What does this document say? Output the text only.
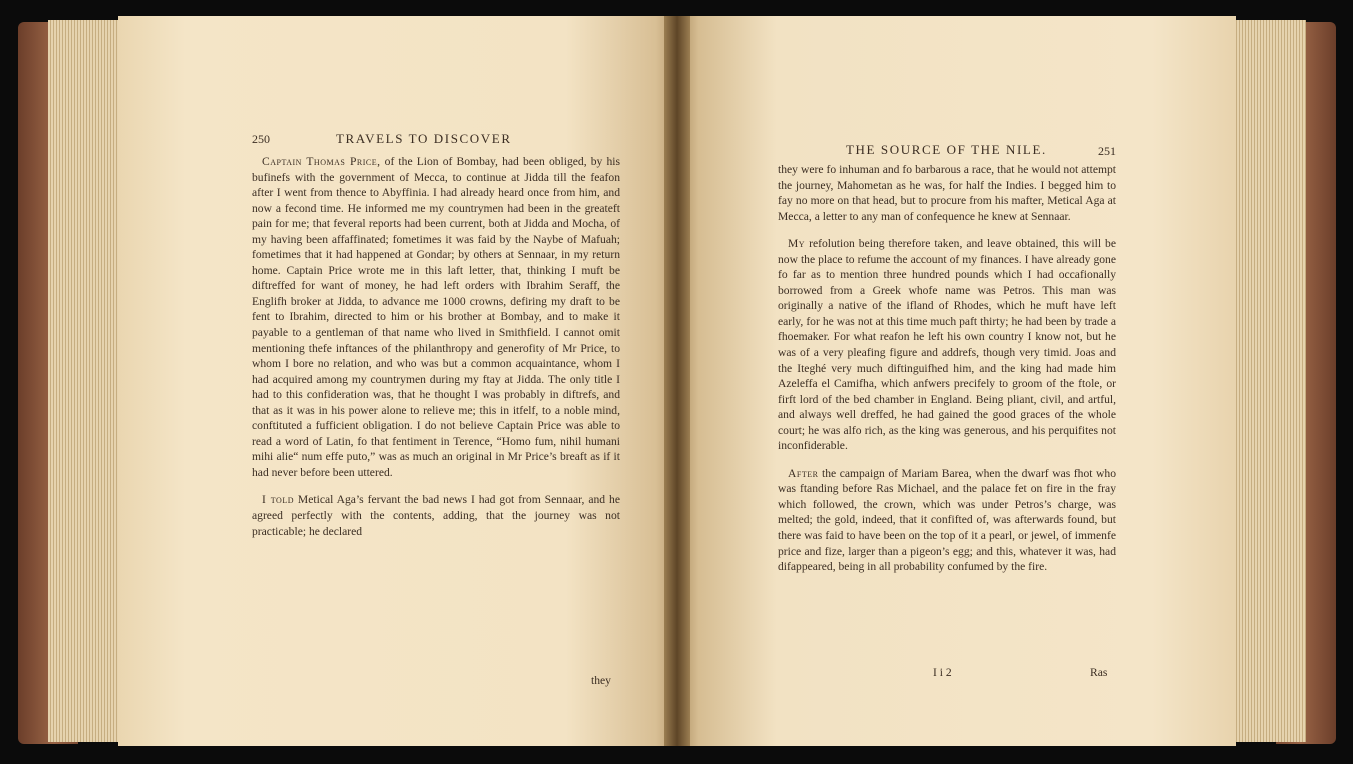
250	TRAVELS TO DISCOVER

Captain Thomas Price, of the Lion of Bombay, had been obliged, by his bufinefs with the government of Mecca, to continue at Jidda till the feafon after I went from thence to Abyffinia. I had already heard once from him, and now a fecond time. He informed me my countrymen had been in the greateft pain for me; that feveral reports had been current, both at Jidda and Mocha, of my having been affaffinated; fometimes it was faid by the Naybe of Mafuah; fometimes that it had happened at Gondar; by others at Sennaar, in my return home. Captain Price wrote me in this laft letter, that, thinking I muft be diftreffed for want of money, he had left orders with Ibrahim Seraff, the Englifh broker at Jidda, to advance me 1000 crowns, defiring my draft to be fent to Ibrahim, directed to him or his brother at Bombay, and to make it payable to a gentleman of that name who lived in Smithfield. I cannot omit mentioning thefe inftances of the philanthropy and generofity of Mr Price, to whom I bore no relation, and who was but a common acquaintance, whom I had acquired among my countrymen during my ftay at Jidda. The only title I had to this confideration was, that he thought I was probably in diftrefs, and that as it was in his power alone to relieve me; this in itfelf, to a noble mind, conftituted a fufficient obligation. I do not believe Captain Price was able to read a word of Latin, fo that fentiment in Terence, “Homo fum, nihil humani mihi alie“ num effe puto,” was as much an original in Mr Price’s breaft as if it had never before been uttered.

I told Metical Aga’s fervant the bad news I had got from Sennaar, and he agreed perfectly with the contents, adding, that the journey was not practicable; he declared

they
THE SOURCE OF THE NILE.	251

they were fo inhuman and fo barbarous a race, that he would not attempt the journey, Mahometan as he was, for half the Indies. I begged him to fay no more on that head, but to procure from his mafter, Metical Aga at Mecca, a letter to any man of confequence he knew at Sennaar.

My refolution being therefore taken, and leave obtained, this will be now the place to refume the account of my finances. I have already gone fo far as to mention three hundred pounds which I had occafionally borrowed from a Greek whofe name was Petros. This man was originally a native of the ifland of Rhodes, which he muft have left early, for he was not at this time much paft thirty; he had been by trade a fhoemaker. For what reafon he left his own country I know not, but he was of a very pleafing figure and addrefs, though very timid. Joas and the Iteghé very much diftinguifhed him, and the king had made him Azeleffa el Camifha, which anfwers precifely to groom of the ftole, or firft lord of the bed chamber in England. Being pliant, civil, and artful, and always well dreffed, he had gained the good graces of the whole court; he was alfo rich, as the king was generous, and his perquifites not inconfiderable.

After the campaign of Mariam Barea, when the dwarf was fhot who was ftanding before Ras Michael, and the palace fet on fire in the fray which followed, the crown, which was under Petros’s charge, was melted; the gold, indeed, that it confifted of, was afterwards found, but there was faid to have been on the top of it a pearl, or jewel, of immenfe price and fize, larger than a pigeon’s egg; and this, whatever it was, had difappeared, being in all probability confumed by the fire.

I i 2	Ras
